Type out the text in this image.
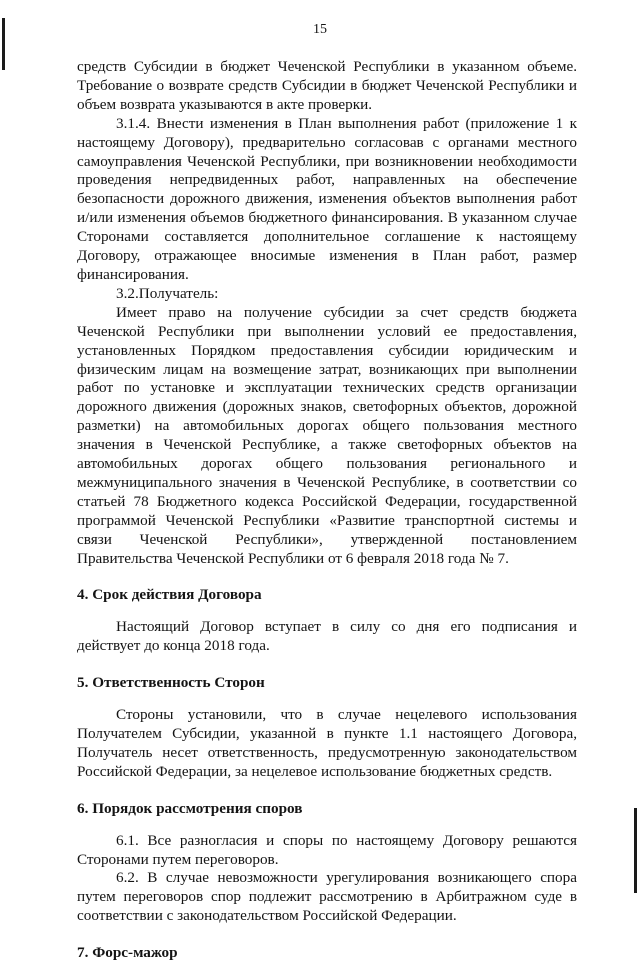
15

средств Субсидии в бюджет Чеченской Республики в указанном объеме. Требование о возврате средств Субсидии в бюджет Чеченской Республики и объем возврата указываются в акте проверки.

3.1.4. Внести изменения в План выполнения работ (приложение 1 к настоящему Договору), предварительно согласовав с органами местного самоуправления Чеченской Республики, при возникновении необходимости проведения непредвиденных работ, направленных на обеспечение безопасности дорожного движения, изменения объектов выполнения работ и/или изменения объемов бюджетного финансирования. В указанном случае Сторонами составляется дополнительное соглашение к настоящему Договору, отражающее вносимые изменения в План работ, размер финансирования.

3.2.Получатель:

Имеет право на получение субсидии за счет средств бюджета Чеченской Республики при выполнении условий ее предоставления, установленных Порядком предоставления субсидии юридическим и физическим лицам на возмещение затрат, возникающих при выполнении работ по установке и эксплуатации технических средств организации дорожного движения (дорожных знаков, светофорных объектов, дорожной разметки) на автомобильных дорогах общего пользования местного значения в Чеченской Республике, а также светофорных объектов на автомобильных дорогах общего пользования регионального и межмуниципального значения в Чеченской Республике, в соответствии со статьей 78 Бюджетного кодекса Российской Федерации, государственной программой Чеченской Республики «Развитие транспортной системы и связи Чеченской Республики», утвержденной постановлением Правительства Чеченской Республики от 6 февраля 2018 года № 7.

4. Срок действия Договора

Настоящий Договор вступает в силу со дня его подписания и действует до конца 2018 года.

5. Ответственность Сторон

Стороны установили, что в случае нецелевого использования Получателем Субсидии, указанной в пункте 1.1 настоящего Договора, Получатель несет ответственность, предусмотренную законодательством Российской Федерации, за нецелевое использование бюджетных средств.

6. Порядок рассмотрения споров

6.1. Все разногласия и споры по настоящему Договору решаются Сторонами путем переговоров.

6.2. В случае невозможности урегулирования возникающего спора путем переговоров спор подлежит рассмотрению в Арбитражном суде в соответствии с законодательством Российской Федерации.

7. Форс-мажор
